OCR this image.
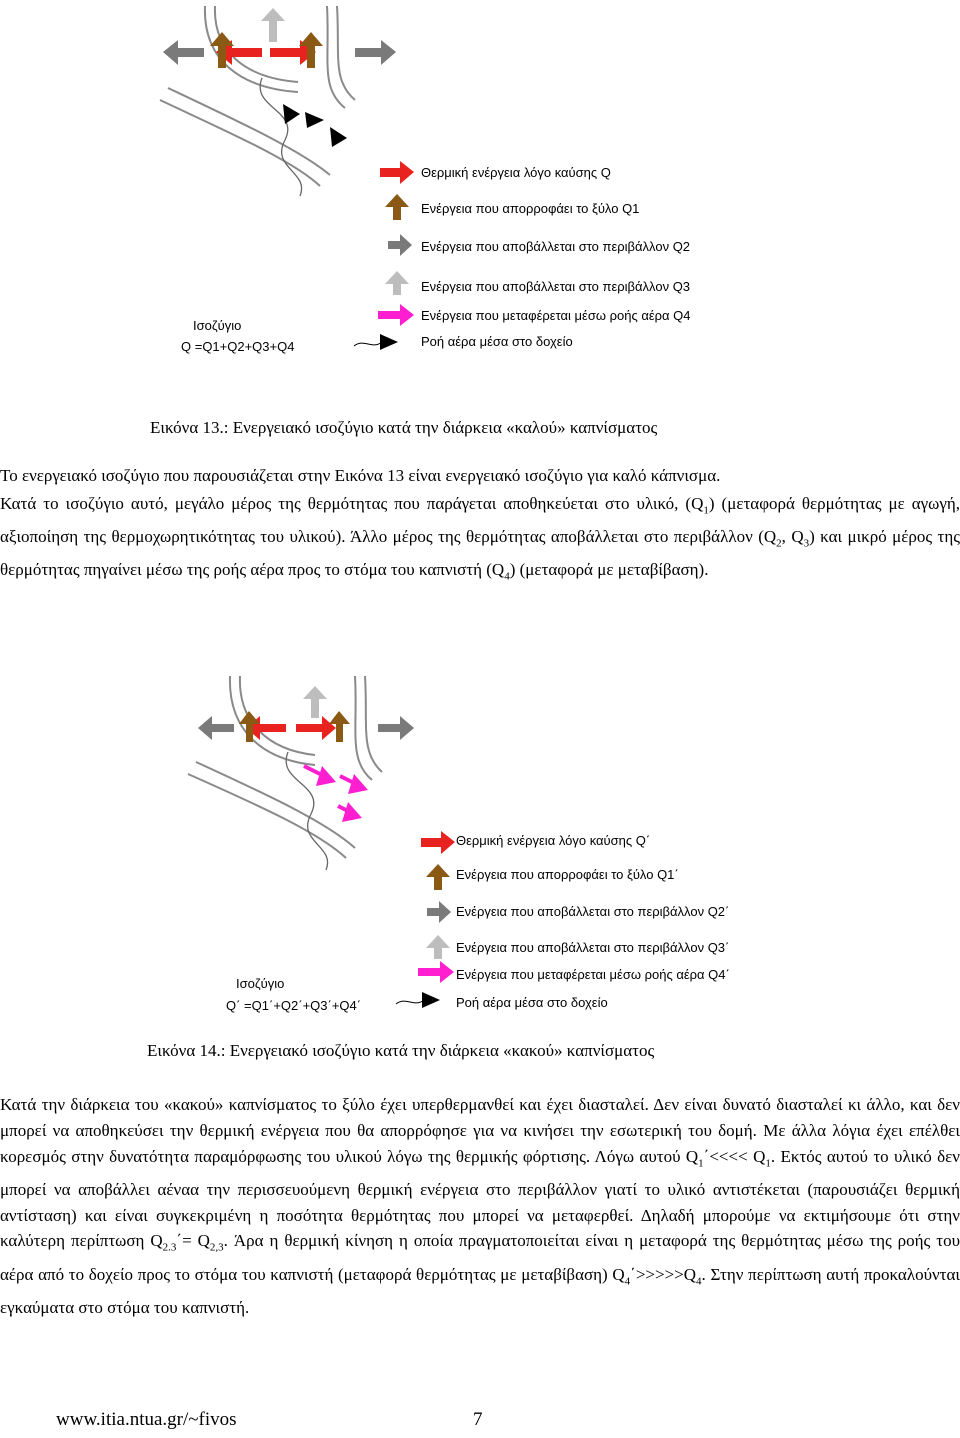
Θερμική ενέργεια λόγο καύσης Q
Ενέργεια που απορροφάει το ξύλο Q1
Ενέργεια που αποβάλλεται στο περιβάλλον Q2
Ενέργεια που αποβάλλεται στο περιβάλλον Q3
Ενέργεια που μεταφέρεται μέσω ροής αέρα Q4
Ροή αέρα μέσα στο δοχείο
Ισοζύγιο
Q =Q1+Q2+Q3+Q4
Εικόνα 13.: Ενεργειακό ισοζύγιο κατά την διάρκεια «καλού» καπνίσματος
Το ενεργειακό ισοζύγιο που παρουσιάζεται στην Εικόνα 13 είναι ενεργειακό ισοζύγιο για καλό κάπνισμα.
Κατά το ισοζύγιο αυτό, μεγάλο μέρος της θερμότητας που παράγεται αποθηκεύεται στο υλικό, $(Q_1)$ (μεταφορά θερμότητας με αγωγή, αξιοποίηση της θερμοχωρητικότητας του υλικού). Άλλο μέρος της θερμότητας αποβάλλεται στο περιβάλλον ($Q_2$, $Q_3$) και μικρό μέρος της θερμότητας πηγαίνει μέσω της ροής αέρα προς το στόμα του καπνιστή $(Q_4)$ (μεταφορά με μεταβίβαση).
Θερμική ενέργεια λόγο καύσης Q΄
Ενέργεια που απορροφάει το ξύλο Q1΄
Ενέργεια που αποβάλλεται στο περιβάλλον Q2΄
Ενέργεια που αποβάλλεται στο περιβάλλον Q3΄
Ενέργεια που μεταφέρεται μέσω ροής αέρα Q4΄
Ροή αέρα μέσα στο δοχείο
Ισοζύγιο
Q΄ =Q1΄+Q2΄+Q3΄+Q4΄
Εικόνα 14.: Ενεργειακό ισοζύγιο κατά την διάρκεια «κακού» καπνίσματος
Κατά την διάρκεια του «κακού» καπνίσματος το ξύλο έχει υπερθερμανθεί και έχει διασταλεί. Δεν είναι δυνατό διασταλεί κι άλλο, και δεν μπορεί να αποθηκεύσει την θερμική ενέργεια που θα απορρόφησε για να κινήσει την εσωτερική του δομή. Με άλλα λόγια έχει επέλθει κορεσμός στην δυνατότητα παραμόρφωσης του υλικού λόγω της θερμικής φόρτισης. Λόγω αυτού $Q_1΄<<<< Q_1$. Εκτός αυτού το υλικό δεν μπορεί να αποβάλλει αέναα την περισσευούμενη θερμική ενέργεια στο περιβάλλον γιατί το υλικό αντιστέκεται (παρουσιάζει θερμική αντίσταση) και είναι συγκεκριμένη η ποσότητα θερμότητας που μπορεί να μεταφερθεί. Δηλαδή μπορούμε να εκτιμήσουμε ότι στην καλύτερη περίπτωση $Q_{2.3}΄= Q_{2,3}$. Άρα η θερμική κίνηση η οποία πραγματοποιείται είναι η μεταφορά της θερμότητας μέσω της ροής του αέρα από το δοχείο προς το στόμα του καπνιστή (μεταφορά θερμότητας με μεταβίβαση) $Q_4΄>>>>>Q_4$. Στην περίπτωση αυτή προκαλούνται εγκαύματα στο στόμα του καπνιστή.
www.itia.ntua.gr/~fivos	7
